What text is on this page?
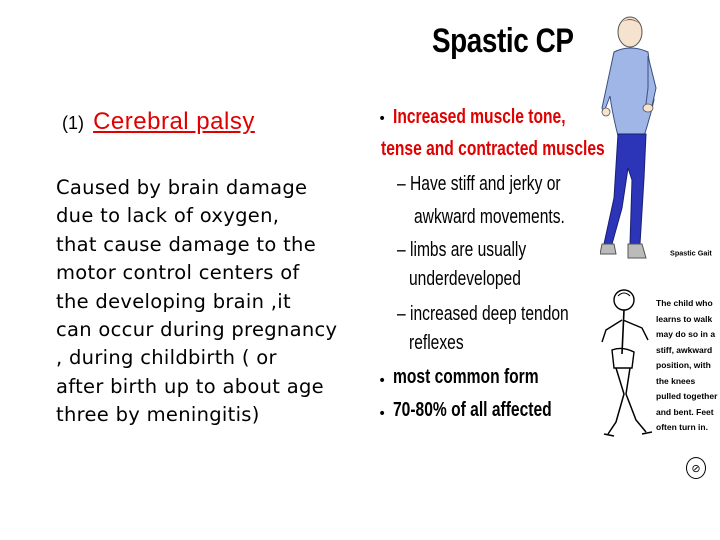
(1) Cerebral palsy
Caused by brain damage
due to lack of oxygen,
that cause damage to the
motor control centers of
the developing brain ,it
can occur during pregnancy
, during childbirth ( or
after birth up to about age
three by meningitis)
Spastic CP
• Increased muscle tone,
tense and contracted muscles
– Have stiff and jerky or
awkward movements.
– limbs are usually
underdeveloped
– increased deep tendon
reflexes
• most common form
• 70-80% of all affected
Spastic Gait
The child who
learns to walk
may do so in a
stiff, awkward
position, with
the knees
pulled together
and bent. Feet
often turn in.
⊘
